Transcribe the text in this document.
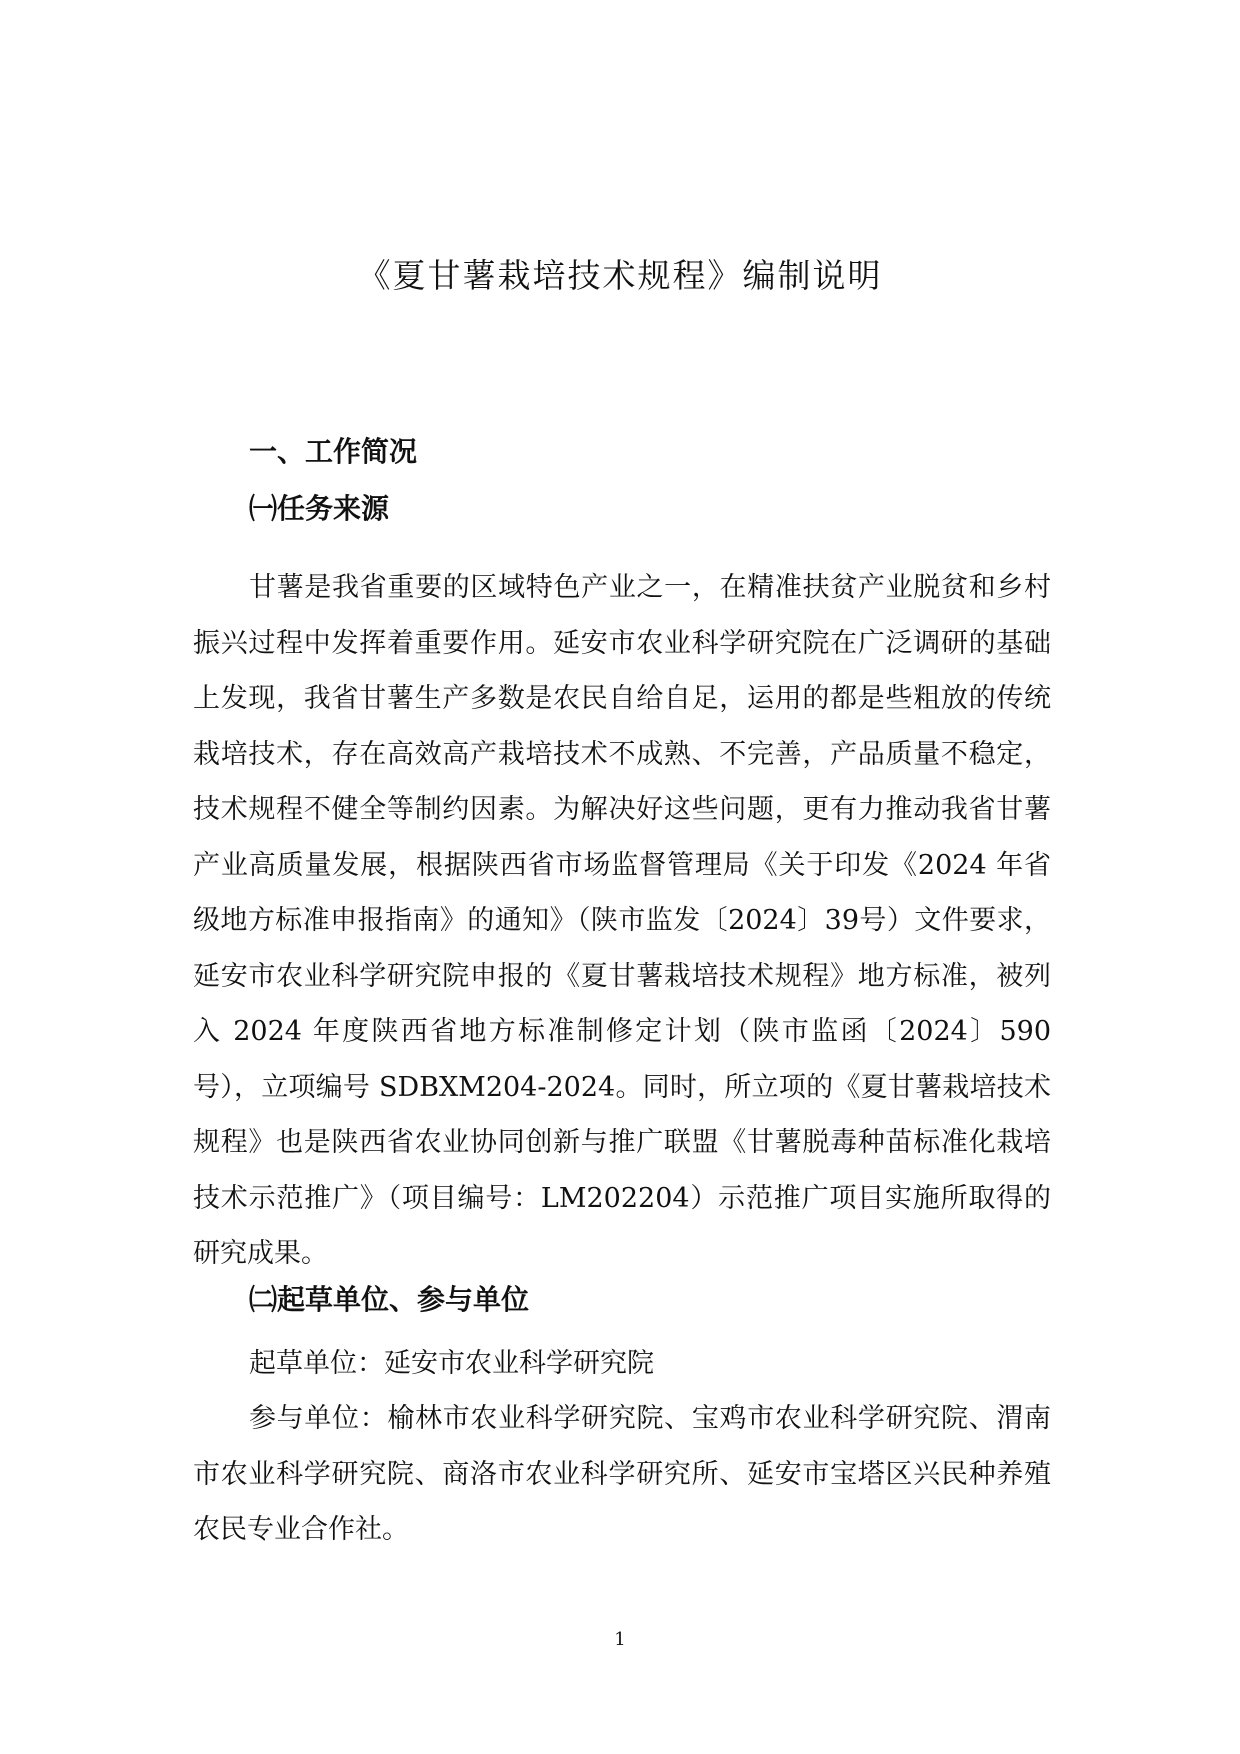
《夏甘薯栽培技术规程》编制说明
一、工作简况
㈠任务来源

甘薯是我省重要的区域特色产业之一，在精准扶贫产业脱贫和乡村振兴过程中发挥着重要作用。延安市农业科学研究院在广泛调研的基础上发现，我省甘薯生产多数是农民自给自足，运用的都是些粗放的传统栽培技术，存在高效高产栽培技术不成熟、不完善，产品质量不稳定，技术规程不健全等制约因素。为解决好这些问题，更有力推动我省甘薯产业高质量发展，根据陕西省市场监督管理局《关于印发《2024 年省级地方标准申报指南》的通知》（陕市监发〔2024〕39号）文件要求，延安市农业科学研究院申报的《夏甘薯栽培技术规程》地方标准，被列入 2024 年度陕西省地方标准制修定计划（陕市监函〔2024〕590 号），立项编号 SDBXM204-2024。同时，所立项的《夏甘薯栽培技术规程》也是陕西省农业协同创新与推广联盟《甘薯脱毒种苗标准化栽培技术示范推广》（项目编号：LM202204）示范推广项目实施所取得的研究成果。

㈡起草单位、参与单位

起草单位：延安市农业科学研究院

参与单位：榆林市农业科学研究院、宝鸡市农业科学研究院、渭南市农业科学研究院、商洛市农业科学研究所、延安市宝塔区兴民种养殖农民专业合作社。

1
